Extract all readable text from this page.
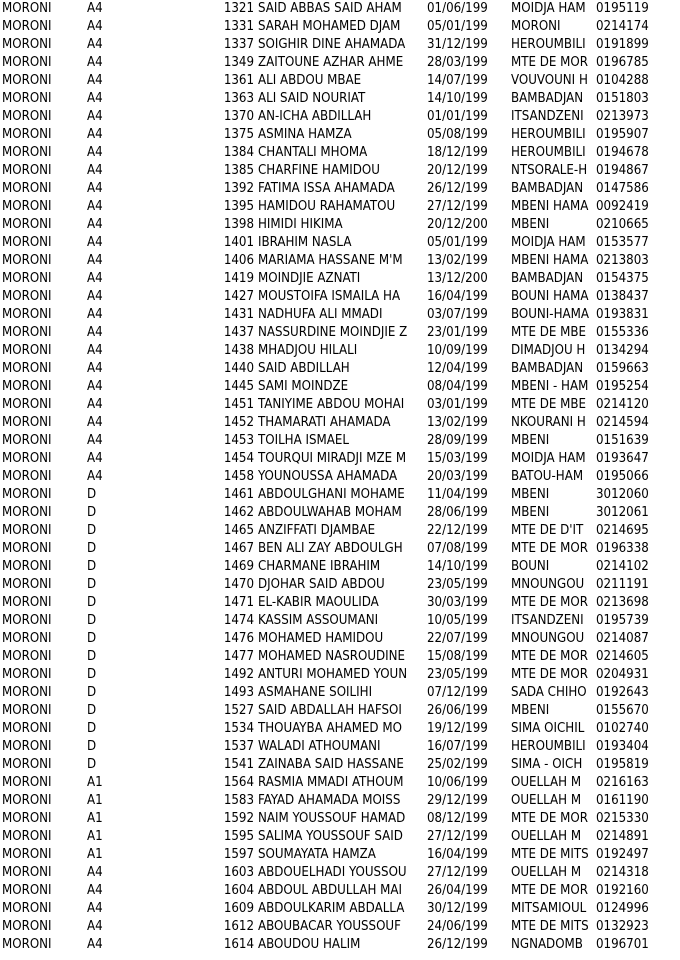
MORONI	A4	1321 SAID ABBAS SAID AHAM	01/06/199	MOIDJA HAM 0195119
MORONI	A4	1331 SARAH MOHAMED DJAM	05/01/199	MORONI	0214174
MORONI	A4	1337 SOIGHIR DINE AHAMADA	31/12/199	HEROUMBILI 0191899
MORONI	A4	1349 ZAITOUNE AZHAR AHME	28/03/199	MTE DE MOR 0196785
MORONI	A4	1361 ALI ABDOU MBAE	14/07/199	VOUVOUNI H 0104288
MORONI	A4	1363 ALI SAID NOURIAT	14/10/199	BAMBADJAN 0151803
MORONI	A4	1370 AN-ICHA ABDILLAH	01/01/199	ITSANDZENI 0213973
MORONI	A4	1375 ASMINA HAMZA	05/08/199	HEROUMBILI 0195907
MORONI	A4	1384 CHANTALI MHOMA	18/12/199	HEROUMBILI 0194678
MORONI	A4	1385 CHARFINE HAMIDOU	20/12/199	NTSORALE-H 0194867
MORONI	A4	1392 FATIMA ISSA AHAMADA	26/12/199	BAMBADJAN 0147586
MORONI	A4	1395 HAMIDOU RAHAMATOU	27/12/199	MBENI HAMA 0092419
MORONI	A4	1398 HIMIDI HIKIMA	20/12/200	MBENI	0210665
MORONI	A4	1401 IBRAHIM NASLA	05/01/199	MOIDJA HAM 0153577
MORONI	A4	1406 MARIAMA HASSANE M'M	13/02/199	MBENI HAMA 0213803
MORONI	A4	1419 MOINDJIE AZNATI	13/12/200	BAMBADJAN 0154375
MORONI	A4	1427 MOUSTOIFA ISMAILA HA	16/04/199	BOUNI HAMA 0138437
MORONI	A4	1431 NADHUFA ALI MMADI	03/07/199	BOUNI-HAMA 0193831
MORONI	A4	1437 NASSURDINE MOINDJIE Z	23/01/199	MTE DE MBE 0155336
MORONI	A4	1438 MHADJOU HILALI	10/09/199	DIMADJOU H 0134294
MORONI	A4	1440 SAID ABDILLAH	12/04/199	BAMBADJAN 0159663
MORONI	A4	1445 SAMI MOINDZE	08/04/199	MBENI - HAM 0195254
MORONI	A4	1451 TANIYIME ABDOU MOHAI	03/01/199	MTE DE MBE 0214120
MORONI	A4	1452 THAMARATI AHAMADA	13/02/199	NKOURANI H 0214594
MORONI	A4	1453 TOILHA ISMAEL	28/09/199	MBENI	0151639
MORONI	A4	1454 TOURQUI MIRADJI MZE M	15/03/199	MOIDJA HAM 0193647
MORONI	A4	1458 YOUNOUSSA AHAMADA	20/03/199	BATOU-HAM 0195066
MORONI	D	1461 ABDOULGHANI MOHAME	11/04/199	MBENI	3012060
MORONI	D	1462 ABDOULWAHAB MOHAM	28/06/199	MBENI	3012061
MORONI	D	1465 ANZIFFATI DJAMBAE	22/12/199	MTE DE D'IT 0214695
MORONI	D	1467 BEN ALI ZAY ABDOULGH	07/08/199	MTE DE MOR 0196338
MORONI	D	1469 CHARMANE IBRAHIM	14/10/199	BOUNI	0214102
MORONI	D	1470 DJOHAR SAID ABDOU	23/05/199	MNOUNGOU 0211191
MORONI	D	1471 EL-KABIR MAOULIDA	30/03/199	MTE DE MOR 0213698
MORONI	D	1474 KASSIM ASSOUMANI	10/05/199	ITSANDZENI 0195739
MORONI	D	1476 MOHAMED HAMIDOU	22/07/199	MNOUNGOU 0214087
MORONI	D	1477 MOHAMED NASROUDINE	15/08/199	MTE DE MOR 0214605
MORONI	D	1492 ANTURI MOHAMED YOUN	23/05/199	MTE DE MOR 0204931
MORONI	D	1493 ASMAHANE SOILIHI	07/12/199	SADA CHIHO 0192643
MORONI	D	1527 SAID ABDALLAH HAFSOI	26/06/199	MBENI	0155670
MORONI	D	1534 THOUAYBA AHAMED MO	19/12/199	SIMA OICHIL 0102740
MORONI	D	1537 WALADI ATHOUMANI	16/07/199	HEROUMBILI 0193404
MORONI	D	1541 ZAINABA SAID HASSANE	25/02/199	SIMA - OICH	0195819
MORONI	A1	1564 RASMIA MMADI ATHOUM	10/06/199	OUELLAH M	0216163
MORONI	A1	1583 FAYAD AHAMADA MOISS	29/12/199	OUELLAH M	0161190
MORONI	A1	1592 NAIM YOUSSOUF HAMAD	08/12/199	MTE DE MOR 0215330
MORONI	A1	1595 SALIMA YOUSSOUF SAID	27/12/199	OUELLAH M	0214891
MORONI	A1	1597 SOUMAYATA HAMZA	16/04/199	MTE DE MITS 0192497
MORONI	A4	1603 ABDOUELHADI YOUSSOU	27/12/199	OUELLAH M	0214318
MORONI	A4	1604 ABDOUL ABDULLAH MAI	26/04/199	MTE DE MOR 0192160
MORONI	A4	1609 ABDOULKARIM ABDALLA	30/12/199	MITSAMIOUL 0124996
MORONI	A4	1612 ABOUBACAR YOUSSOUF	24/06/199	MTE DE MITS 0132923
MORONI	A4	1614 ABOUDOU HALIM	26/12/199	NGNADOMB 0196701
